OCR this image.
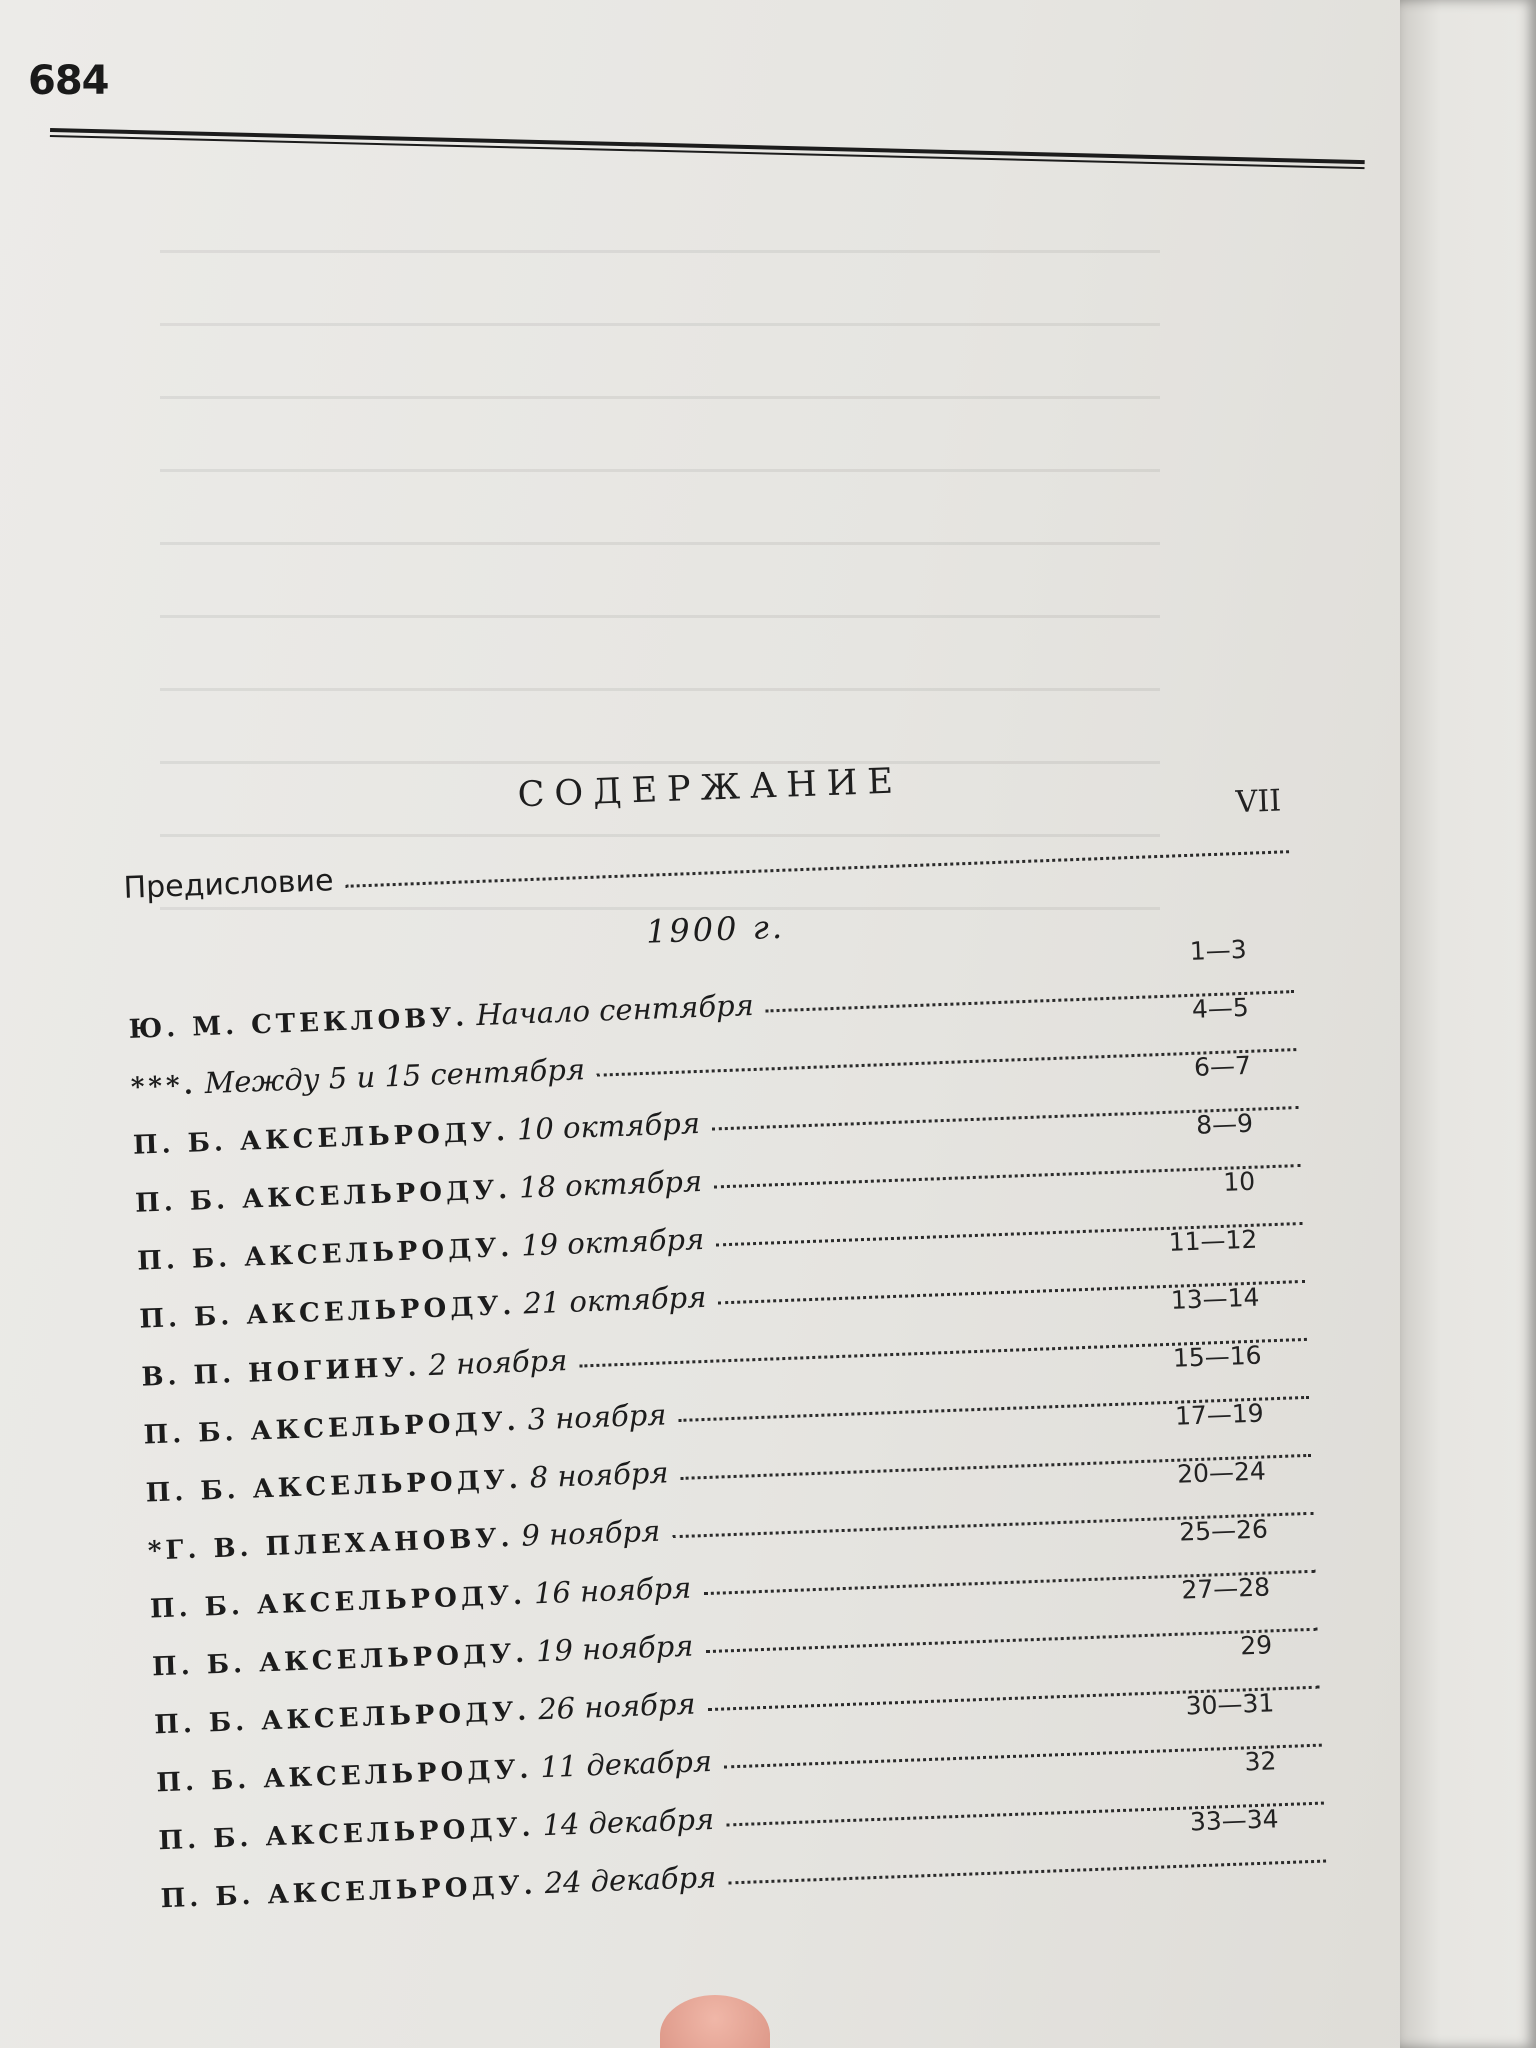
684
СОДЕРЖАНИЕ
Предисловие
VII
1900 г.
Ю. М. СТЕКЛОВУ. Начало сентября
1—3
***. Между 5 и 15 сентября
4—5
П. Б. АКСЕЛЬРОДУ. 10 октября
6—7
П. Б. АКСЕЛЬРОДУ. 18 октября
8—9
П. Б. АКСЕЛЬРОДУ. 19 октября
10
П. Б. АКСЕЛЬРОДУ. 21 октября
11—12
В. П. НОГИНУ. 2 ноября
13—14
П. Б. АКСЕЛЬРОДУ. 3 ноября
15—16
П. Б. АКСЕЛЬРОДУ. 8 ноября
17—19
*Г. В. ПЛЕХАНОВУ. 9 ноября
20—24
П. Б. АКСЕЛЬРОДУ. 16 ноября
25—26
П. Б. АКСЕЛЬРОДУ. 19 ноября
27—28
П. Б. АКСЕЛЬРОДУ. 26 ноября
29
П. Б. АКСЕЛЬРОДУ. 11 декабря
30—31
П. Б. АКСЕЛЬРОДУ. 14 декабря
32
П. Б. АКСЕЛЬРОДУ. 24 декабря
33—34
